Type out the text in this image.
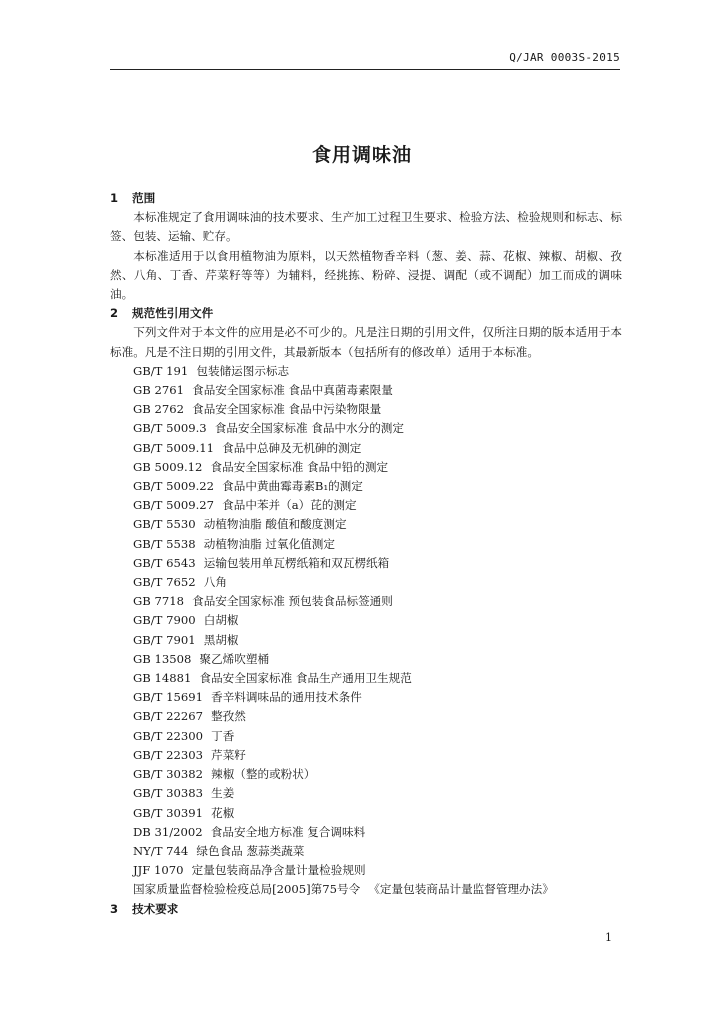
Q/JAR 0003S-2015
食用调味油

1 范围

本标准规定了食用调味油的技术要求、生产加工过程卫生要求、检验方法、检验规则和标志、标签、包装、运输、贮存。

本标准适用于以食用植物油为原料，以天然植物香辛料（葱、姜、蒜、花椒、辣椒、胡椒、孜然、八角、丁香、芹菜籽等等）为辅料，经挑拣、粉碎、浸提、调配（或不调配）加工而成的调味油。

2 规范性引用文件

下列文件对于本文件的应用是必不可少的。凡是注日期的引用文件，仅所注日期的版本适用于本标准。凡是不注日期的引用文件，其最新版本（包括所有的修改单）适用于本标准。

GB/T 191 包装储运图示标志
GB 2761 食品安全国家标准 食品中真菌毒素限量
GB 2762 食品安全国家标准 食品中污染物限量
GB/T 5009.3 食品安全国家标准 食品中水分的测定
GB/T 5009.11 食品中总砷及无机砷的测定
GB 5009.12 食品安全国家标准 食品中铅的测定
GB/T 5009.22 食品中黄曲霉毒素B₁的测定
GB/T 5009.27 食品中苯并（a）芘的测定
GB/T 5530 动植物油脂 酸值和酸度测定
GB/T 5538 动植物油脂 过氧化值测定
GB/T 6543 运输包装用单瓦楞纸箱和双瓦楞纸箱
GB/T 7652 八角
GB 7718 食品安全国家标准 预包装食品标签通则
GB/T 7900 白胡椒
GB/T 7901 黑胡椒
GB 13508 聚乙烯吹塑桶
GB 14881 食品安全国家标准 食品生产通用卫生规范
GB/T 15691 香辛料调味品的通用技术条件
GB/T 22267 整孜然
GB/T 22300 丁香
GB/T 22303 芹菜籽
GB/T 30382 辣椒（整的或粉状）
GB/T 30383 生姜
GB/T 30391 花椒
DB 31/2002 食品安全地方标准 复合调味料
NY/T 744 绿色食品 葱蒜类蔬菜
JJF 1070 定量包装商品净含量计量检验规则
国家质量监督检验检疫总局[2005]第75号令 《定量包装商品计量监督管理办法》

3 技术要求

1
